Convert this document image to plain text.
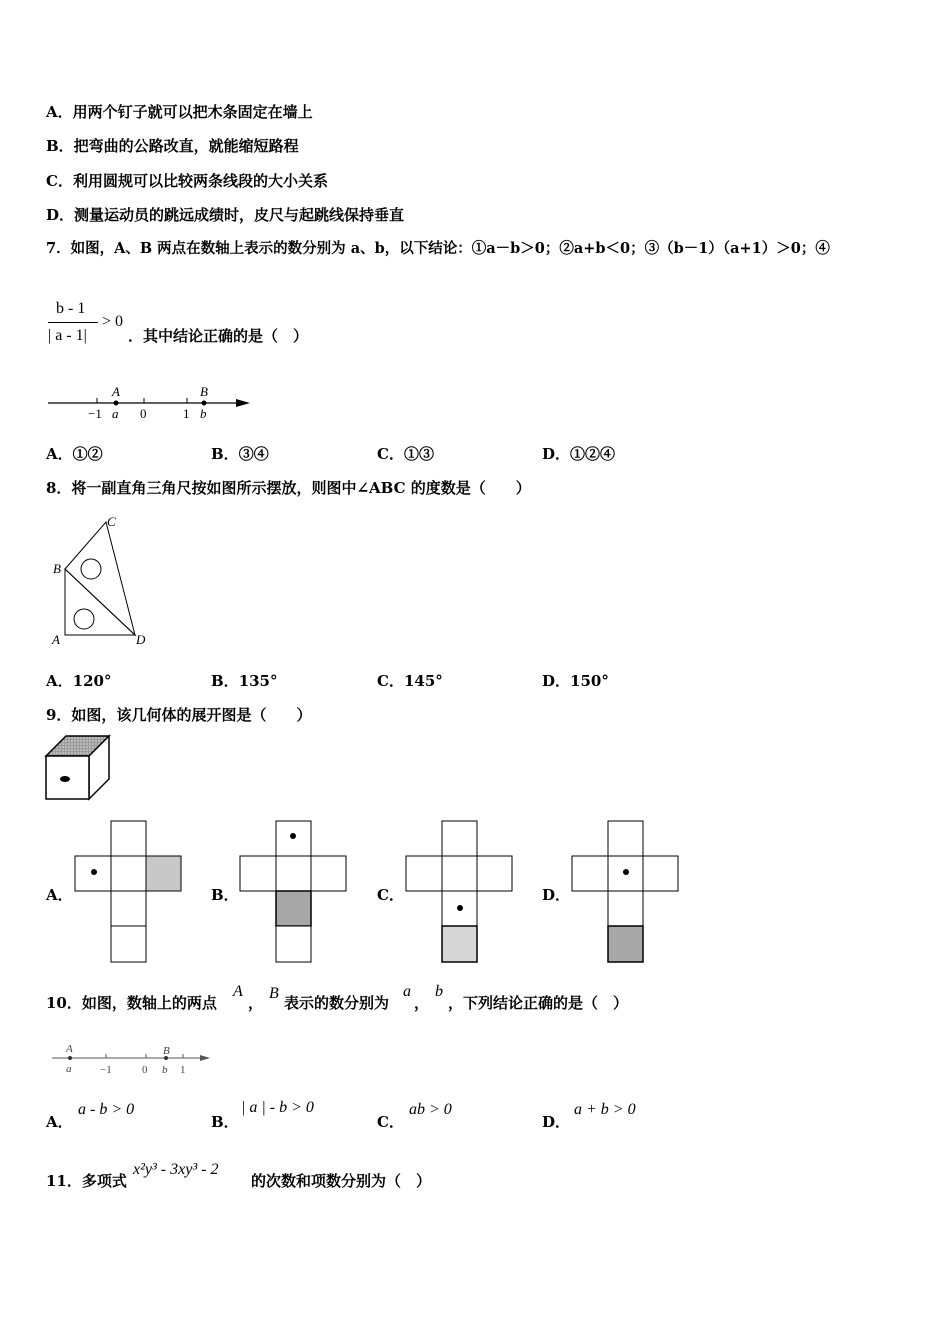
A．用两个钉子就可以把木条固定在墙上
B．把弯曲的公路改直，就能缩短路程
C．利用圆规可以比较两条线段的大小关系
D．测量运动员的跳远成绩时，皮尺与起跳线保持垂直
7．如图，A、B 两点在数轴上表示的数分别为 a、b，以下结论：①a－b＞0；②a+b＜0；③（b－1）（a+1）＞0；④
b - 1
| a - 1|
> 0
．其中结论正确的是（　）
A	B
−1 a 0	1 b
A．①②	B．③④	C．①③	D．①②④
8．将一副直角三角尺按如图所示摆放，则图中∠ABC 的度数是（　　）
B
C
A	D
A．120°	B．135°	C．145°	D．150°
9．如图，该几何体的展开图是（　　）
A．	B．	C．	D．
10．如图，数轴上的两点
A
，
B
表示的数分别为
a
，
b
，下列结论正确的是（　）
A	B
a	−1	0 b 1
A．
a - b > 0
B．
| a | - b > 0
C．
ab > 0
D．
a + b > 0
11．多项式
x²y³ - 3xy³ - 2
的次数和项数分别为（　）
